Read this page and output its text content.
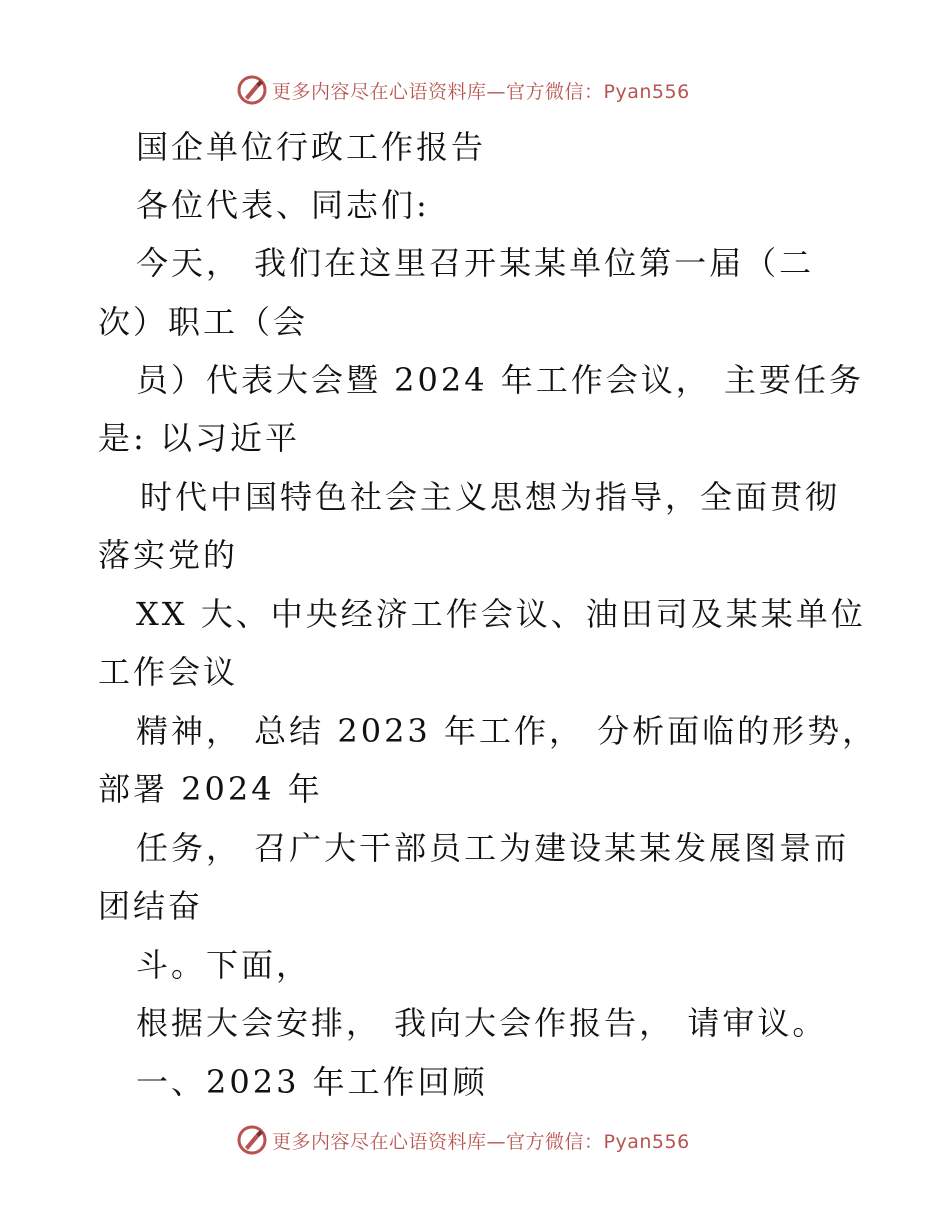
更多内容尽在心语资料库—官方微信：Pyan556
国企单位行政工作报告
各位代表、同志们:
今天， 我们在这里召开某某单位第一届（二
次）职工（会
员）代表大会暨 2024 年工作会议， 主要任务
是: 以习近平
时代中国特色社会主义思想为指导，全面贯彻
落实党的
XX 大、中央经济工作会议、油田司及某某单位
工作会议
精神， 总结 2023 年工作， 分析面临的形势，
部署 2024 年
任务， 召广大干部员工为建设某某发展图景而
团结奋
斗。下面，
根据大会安排， 我向大会作报告， 请审议。
一、2023 年工作回顾
更多内容尽在心语资料库—官方微信：Pyan556
